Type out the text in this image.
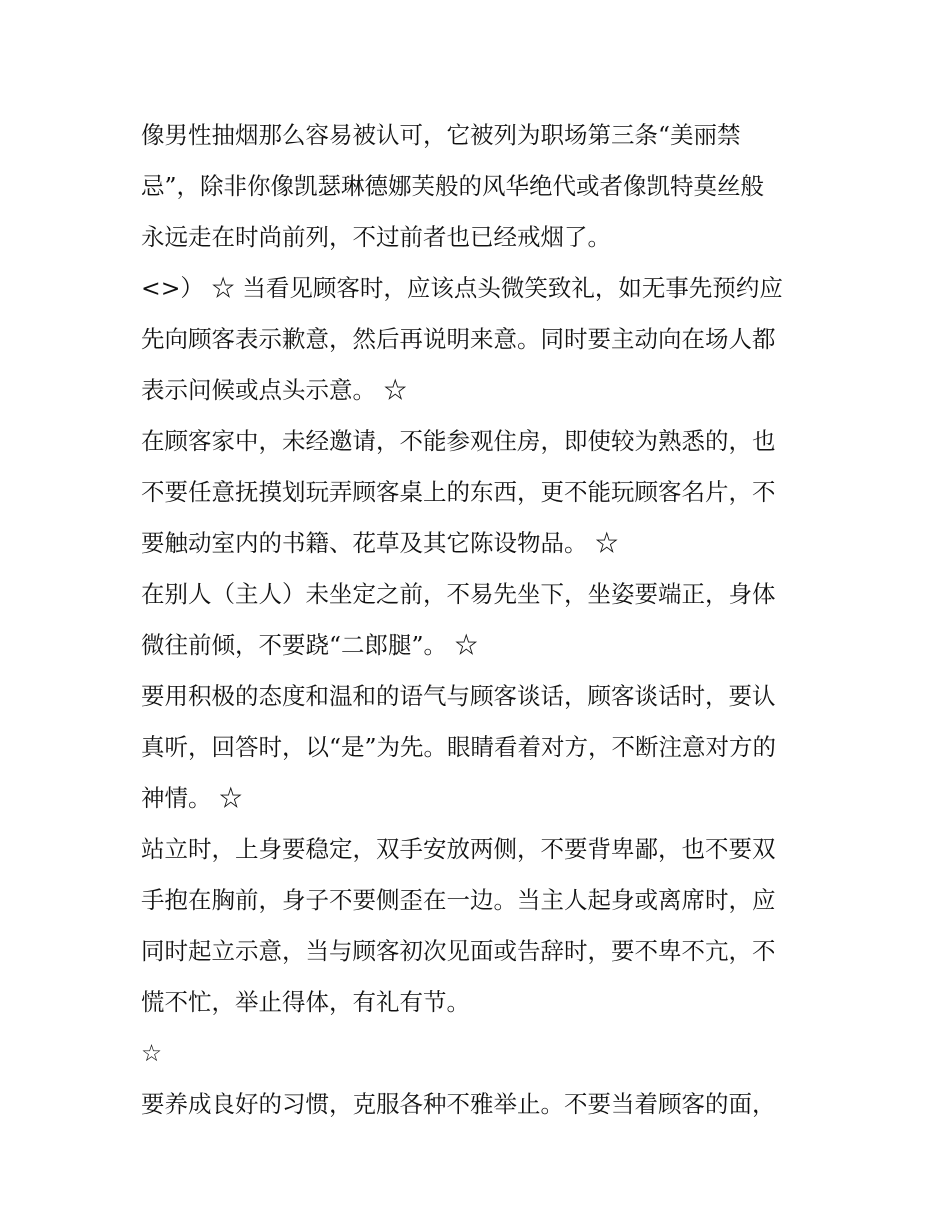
像男性抽烟那么容易被认可，它被列为职场第三条“美丽禁
忌”，除非你像凯瑟琳德娜芙般的风华绝代或者像凯特莫丝般
永远走在时尚前列，不过前者也已经戒烟了。
<>） ☆ 当看见顾客时，应该点头微笑致礼，如无事先预约应
先向顾客表示歉意，然后再说明来意。同时要主动向在场人都
表示问候或点头示意。 ☆
在顾客家中，未经邀请，不能参观住房，即使较为熟悉的，也
不要任意抚摸划玩弄顾客桌上的东西，更不能玩顾客名片，不
要触动室内的书籍、花草及其它陈设物品。 ☆
在别人（主人）未坐定之前，不易先坐下，坐姿要端正，身体
微往前倾，不要跷“二郎腿”。 ☆
要用积极的态度和温和的语气与顾客谈话，顾客谈话时，要认
真听，回答时，以“是”为先。眼睛看着对方，不断注意对方的
神情。 ☆
站立时，上身要稳定，双手安放两侧，不要背卑鄙，也不要双
手抱在胸前，身子不要侧歪在一边。当主人起身或离席时，应
同时起立示意，当与顾客初次见面或告辞时，要不卑不亢，不
慌不忙，举止得体，有礼有节。
☆
要养成良好的习惯，克服各种不雅举止。不要当着顾客的面，
